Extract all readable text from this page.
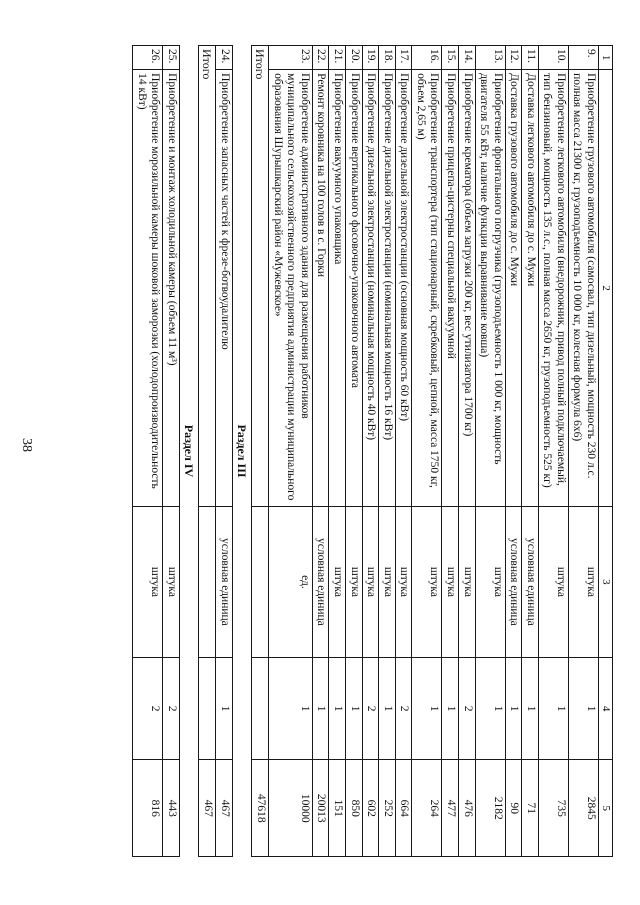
38
1	2	3	4	5
9.	Приобретение грузового автомобиля (самосвал, тип дизельный, мощность 230 л.с. полная масса 21300 кг, грузоподъемность 10 000 кг, колесная формула 6х6)	штука	1	2845
10.	Приобретение легкового автомобиля (внедорожник, привод полный подключаемый, тип бензиновый, мощность 135 л.с., полная масса 2650 кг, грузоподъемность 525 кг)	штука	1	735
11.	Доставка легкового автомобиля до с. Мужи	условная единица	1	71
12.	Доставка грузового автомобиля до с. Мужи	условная единица	1	90
13.	Приобретение фронтального погрузчика (грузоподъемность 1 000 кг, мощность двигателя 55 кВт, наличие функции выравнивание ковша)	штука	1	2182
14.	Приобретение крематора (объем загрузки 200 кг, вес утилизатора 1700 кг)	штука	2	476
15.	Приобретение прицепа-цистерны специальной вакуумной	штука	1	477
16.	Приобретение транспортера (тип стационарный, скребковый, цепной, масса 1750 кг, объем 2,65 м)	штука	1	264
17.	Приобретение дизельной электростанции (основная мощность 60 кВт)	штука	2	664
18.	Приобретение дизельной электростанции (номинальная мощность 16 кВт)	штука	1	252
19.	Приобретение дизельной электростанции (номинальная мощность 40 кВт)	штука	2	602
20.	Приобретение вертикального фасовочно-упаковочного автомата	штука	1	850
21.	Приобретение вакуумного упаковщика	штука	1	151
22.	Ремонт коровника на 100 голов в с. Горки	условная единица	1	20013
23.	Приобретение административного здания для размещения работников муниципального сельскохозяйственного предприятия администрации муниципального образования Шурышкарский район «Мужевское»	ед.	1	10000
Итого				47618
Раздел III				
24.	Приобретение запасных частей к фрезе-ботвоудалителю	условная единица	1	467
Итого				467
Раздел IV				
25.	Приобретение и монтаж холодильной камеры (объем 11 м³)	штука	2	443
26.	Приобретение морозильной камеры шоковой заморозки (холодопроизводительность 14 кВт)	штука	2	816
